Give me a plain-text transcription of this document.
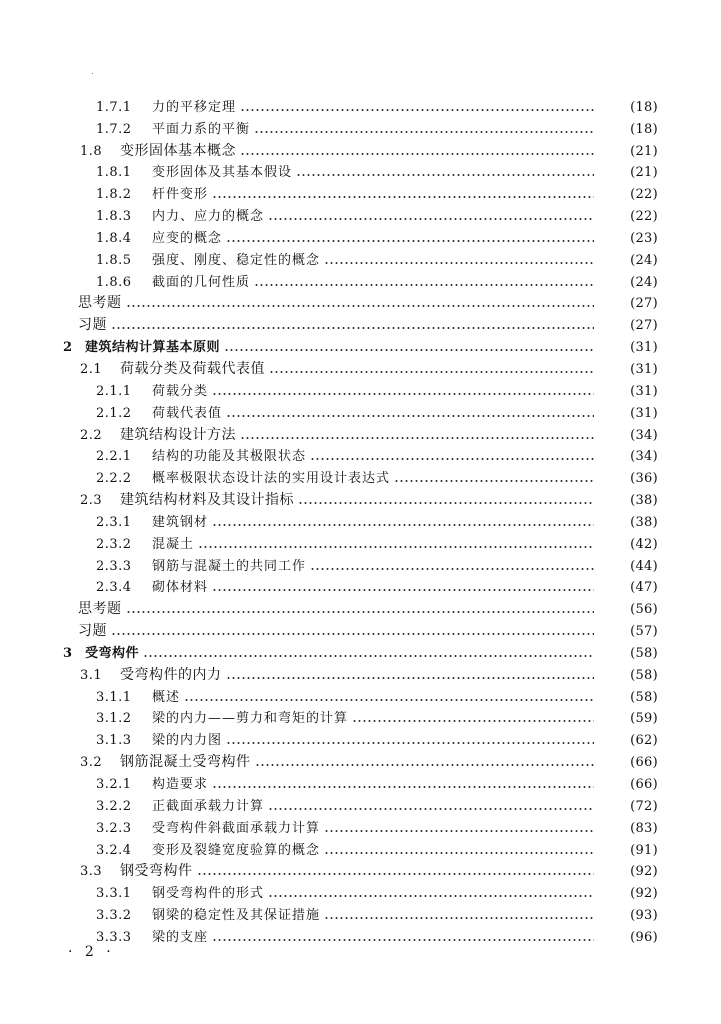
1.7.1	力的平移定理	(18)
1.7.2	平面力系的平衡	(18)
1.8	变形固体基本概念	(21)
1.8.1	变形固体及其基本假设	(21)
1.8.2	杆件变形	(22)
1.8.3	内力、应力的概念	(22)
1.8.4	应变的概念	(23)
1.8.5	强度、刚度、稳定性的概念	(24)
1.8.6	截面的几何性质	(24)
思考题	(27)
习题	(27)
2 建筑结构计算基本原则	(31)
2.1	荷载分类及荷载代表值	(31)
2.1.1	荷载分类	(31)
2.1.2	荷载代表值	(31)
2.2	建筑结构设计方法	(34)
2.2.1	结构的功能及其极限状态	(34)
2.2.2	概率极限状态设计法的实用设计表达式	(36)
2.3	建筑结构材料及其设计指标	(38)
2.3.1	建筑钢材	(38)
2.3.2	混凝土	(42)
2.3.3	钢筋与混凝土的共同工作	(44)
2.3.4	砌体材料	(47)
思考题	(56)
习题	(57)
3 受弯构件	(58)
3.1	受弯构件的内力	(58)
3.1.1	概述	(58)
3.1.2	梁的内力——剪力和弯矩的计算	(59)
3.1.3	梁的内力图	(62)
3.2	钢筋混凝土受弯构件	(66)
3.2.1	构造要求	(66)
3.2.2	正截面承载力计算	(72)
3.2.3	受弯构件斜截面承载力计算	(83)
3.2.4	变形及裂缝宽度验算的概念	(91)
3.3	钢受弯构件	(92)
3.3.1	钢受弯构件的形式	(92)
3.3.2	钢梁的稳定性及其保证措施	(93)
3.3.3	梁的支座	(96)
· 2 ·
